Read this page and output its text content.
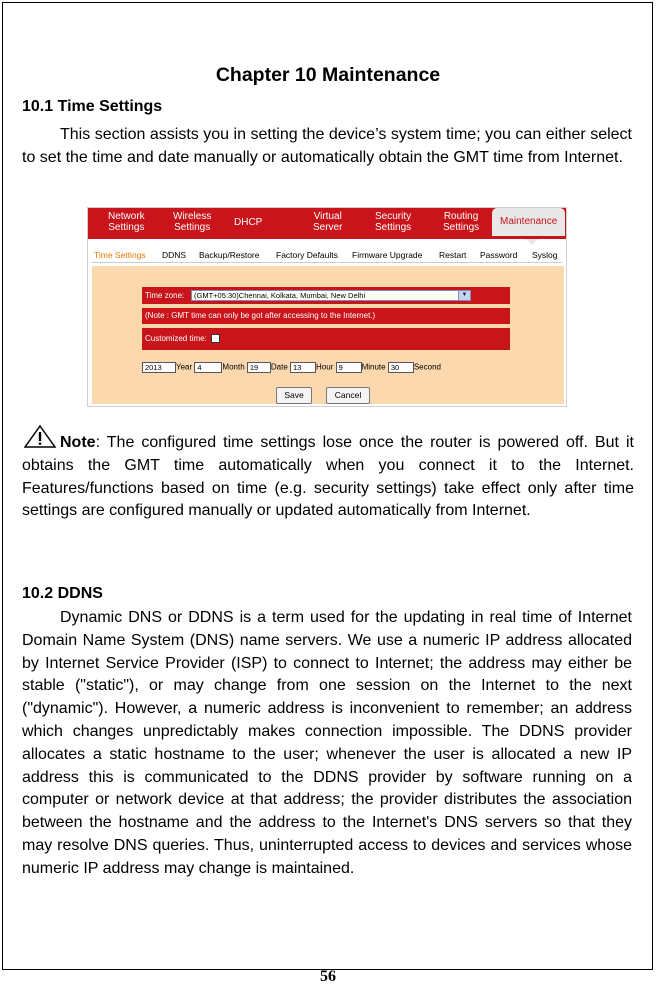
Chapter 10 Maintenance
10.1 Time Settings
This section assists you in setting the device’s system time; you can either select to set the time and date manually or automatically obtain the GMT time from Internet.
Network
Settings
Wireless
Settings DHCP
Virtual
Server
Security
Settings
Routing
Settings
Maintenance
Time Settings DDNS Backup/Restore Factory Defaults Firmware Upgrade Restart Password Syslog
Time zone:	(GMT+05:30)Chennai, Kolkata, Mumbai, New Delhi	▼
(Note : GMT time can only be got after accessing to the Internet.)
Customized time:
2013 Year 4	Month 19 Date 13 Hour 9 Minute 30 Second
Save	Cancel
Note: The configured time settings lose once the router is powered off. But it obtains the GMT time automatically when you connect it to the Internet. Features/functions based on time (e.g. security settings) take effect only after time settings are configured manually or updated automatically from Internet.
10.2 DDNS
Dynamic DNS or DDNS is a term used for the updating in real time of Internet Domain Name System (DNS) name servers. We use a numeric IP address allocated by Internet Service Provider (ISP) to connect to Internet; the address may either be stable ("static"), or may change from one session on the Internet to the next ("dynamic"). However, a numeric address is inconvenient to remember; an address which changes unpredictably makes connection impossible. The DDNS provider allocates a static hostname to the user; whenever the user is allocated a new IP address this is communicated to the DDNS provider by software running on a computer or network device at that address; the provider distributes the association between the hostname and the address to the Internet's DNS servers so that they may resolve DNS queries. Thus, uninterrupted access to devices and services whose numeric IP address may change is maintained.
56
